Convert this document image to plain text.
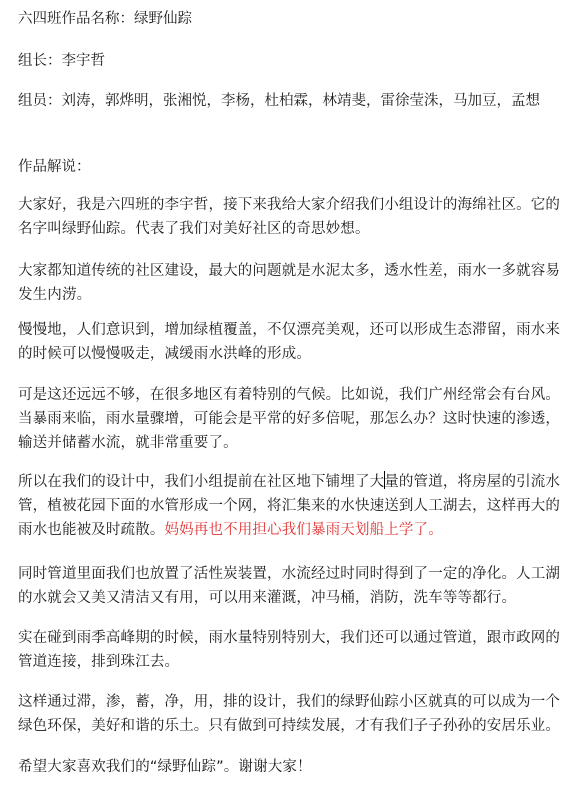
六四班作品名称：绿野仙踪

组长：李宇哲

组员：刘涛，郭烨明，张湘悦，李杨，杜柏霖，林靖斐，雷徐莹洙，马加豆，孟想

作品解说：

大家好，我是六四班的李宇哲，接下来我给大家介绍我们小组设计的海绵社区。它的名字叫绿野仙踪。代表了我们对美好社区的奇思妙想。

大家都知道传统的社区建设，最大的问题就是水泥太多，透水性差，雨水一多就容易发生内涝。

慢慢地，人们意识到，增加绿植覆盖，不仅漂亮美观，还可以形成生态滞留，雨水来的时候可以慢慢吸走，减缓雨水洪峰的形成。

可是这还远远不够，在很多地区有着特别的气候。比如说，我们广州经常会有台风。当暴雨来临，雨水量骤增，可能会是平常的好多倍呢，那怎么办？这时快速的渗透，输送并储蓄水流，就非常重要了。

所以在我们的设计中，我们小组提前在社区地下铺埋了大量的管道，将房屋的引流水管，植被花园下面的水管形成一个网，将汇集来的水快速送到人工湖去，这样再大的雨水也能被及时疏散。妈妈再也不用担心我们暴雨天划船上学了。

同时管道里面我们也放置了活性炭装置，水流经过时同时得到了一定的净化。人工湖的水就会又美又清洁又有用，可以用来灌溉，冲马桶，消防，洗车等等都行。

实在碰到雨季高峰期的时候，雨水量特别特别大，我们还可以通过管道，跟市政网的管道连接，排到珠江去。

这样通过滞，渗，蓄，净，用，排的设计，我们的绿野仙踪小区就真的可以成为一个绿色环保，美好和谐的乐土。只有做到可持续发展，才有我们子子孙孙的安居乐业。

希望大家喜欢我们的“绿野仙踪”。谢谢大家！
